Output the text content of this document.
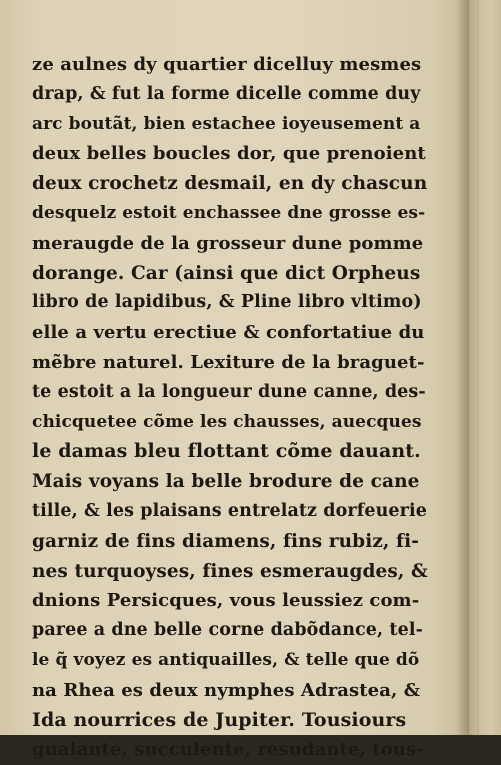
ze aulnes dy quartier dicelluy mesmes
drap, & fut la forme dicelle comme duy
arc boutãt, bien estachee ioyeusement a
deux belles boucles dor, que prenoient
deux crochetz desmail, en dy chascun
desquelz estoit enchassee dne grosse es-
meraugde de la grosseur dune pomme
dorange. Car (ainsi que dict Orpheus
libro de lapidibus, & Pline libro vltimo)
elle a vertu erectiue & confortatiue du
mẽbre naturel. Lexiture de la braguet-
te estoit a la longueur dune canne, des-
chicquetee cõme les chausses, auecques
le damas bleu flottant cõme dauant.
Mais voyans la belle brodure de cane
tille, & les plaisans entrelatz dorfeuerie
garniz de fins diamens, fins rubiz, fi-
nes turquoyses, fines esmeraugdes, &
dnions Persicques, vous leussiez com-
paree a dne belle corne dabõdance, tel-
le q̃ voyez es antiquailles, & telle que dõ
na Rhea es deux nymphes Adrastea, &
Ida nourrices de Jupiter. Tousiours
gualante, succulente, resudante, tous-
